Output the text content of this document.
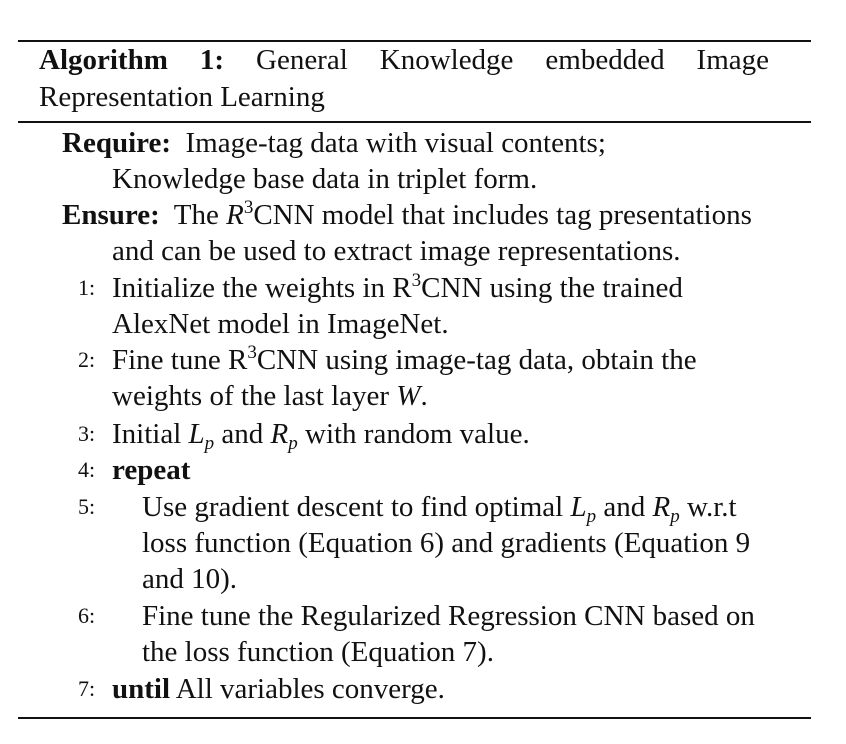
Algorithm 1: General Knowledge embedded Image Representation Learning
Require: Image-tag data with visual contents;
Knowledge base data in triplet form.
Ensure: The $R^3CNN$ model that includes tag presentations
and can be used to extract image representations.
1: Initialize the weights in $R^3CNN$ using the trained
AlexNet model in ImageNet.
2: Fine tune $R^3CNN$ using image-tag data, obtain the
weights of the last layer W.
3: Initial $L_p$ and $R_p$ with random value.
4: repeat
5: Use gradient descent to find optimal $L_p$ and $R_p$ w.r.t
loss function (Equation 6) and gradients (Equation 9
and 10).
6: Fine tune the Regularized Regression CNN based on
the loss function (Equation 7).
7: until All variables converge.
